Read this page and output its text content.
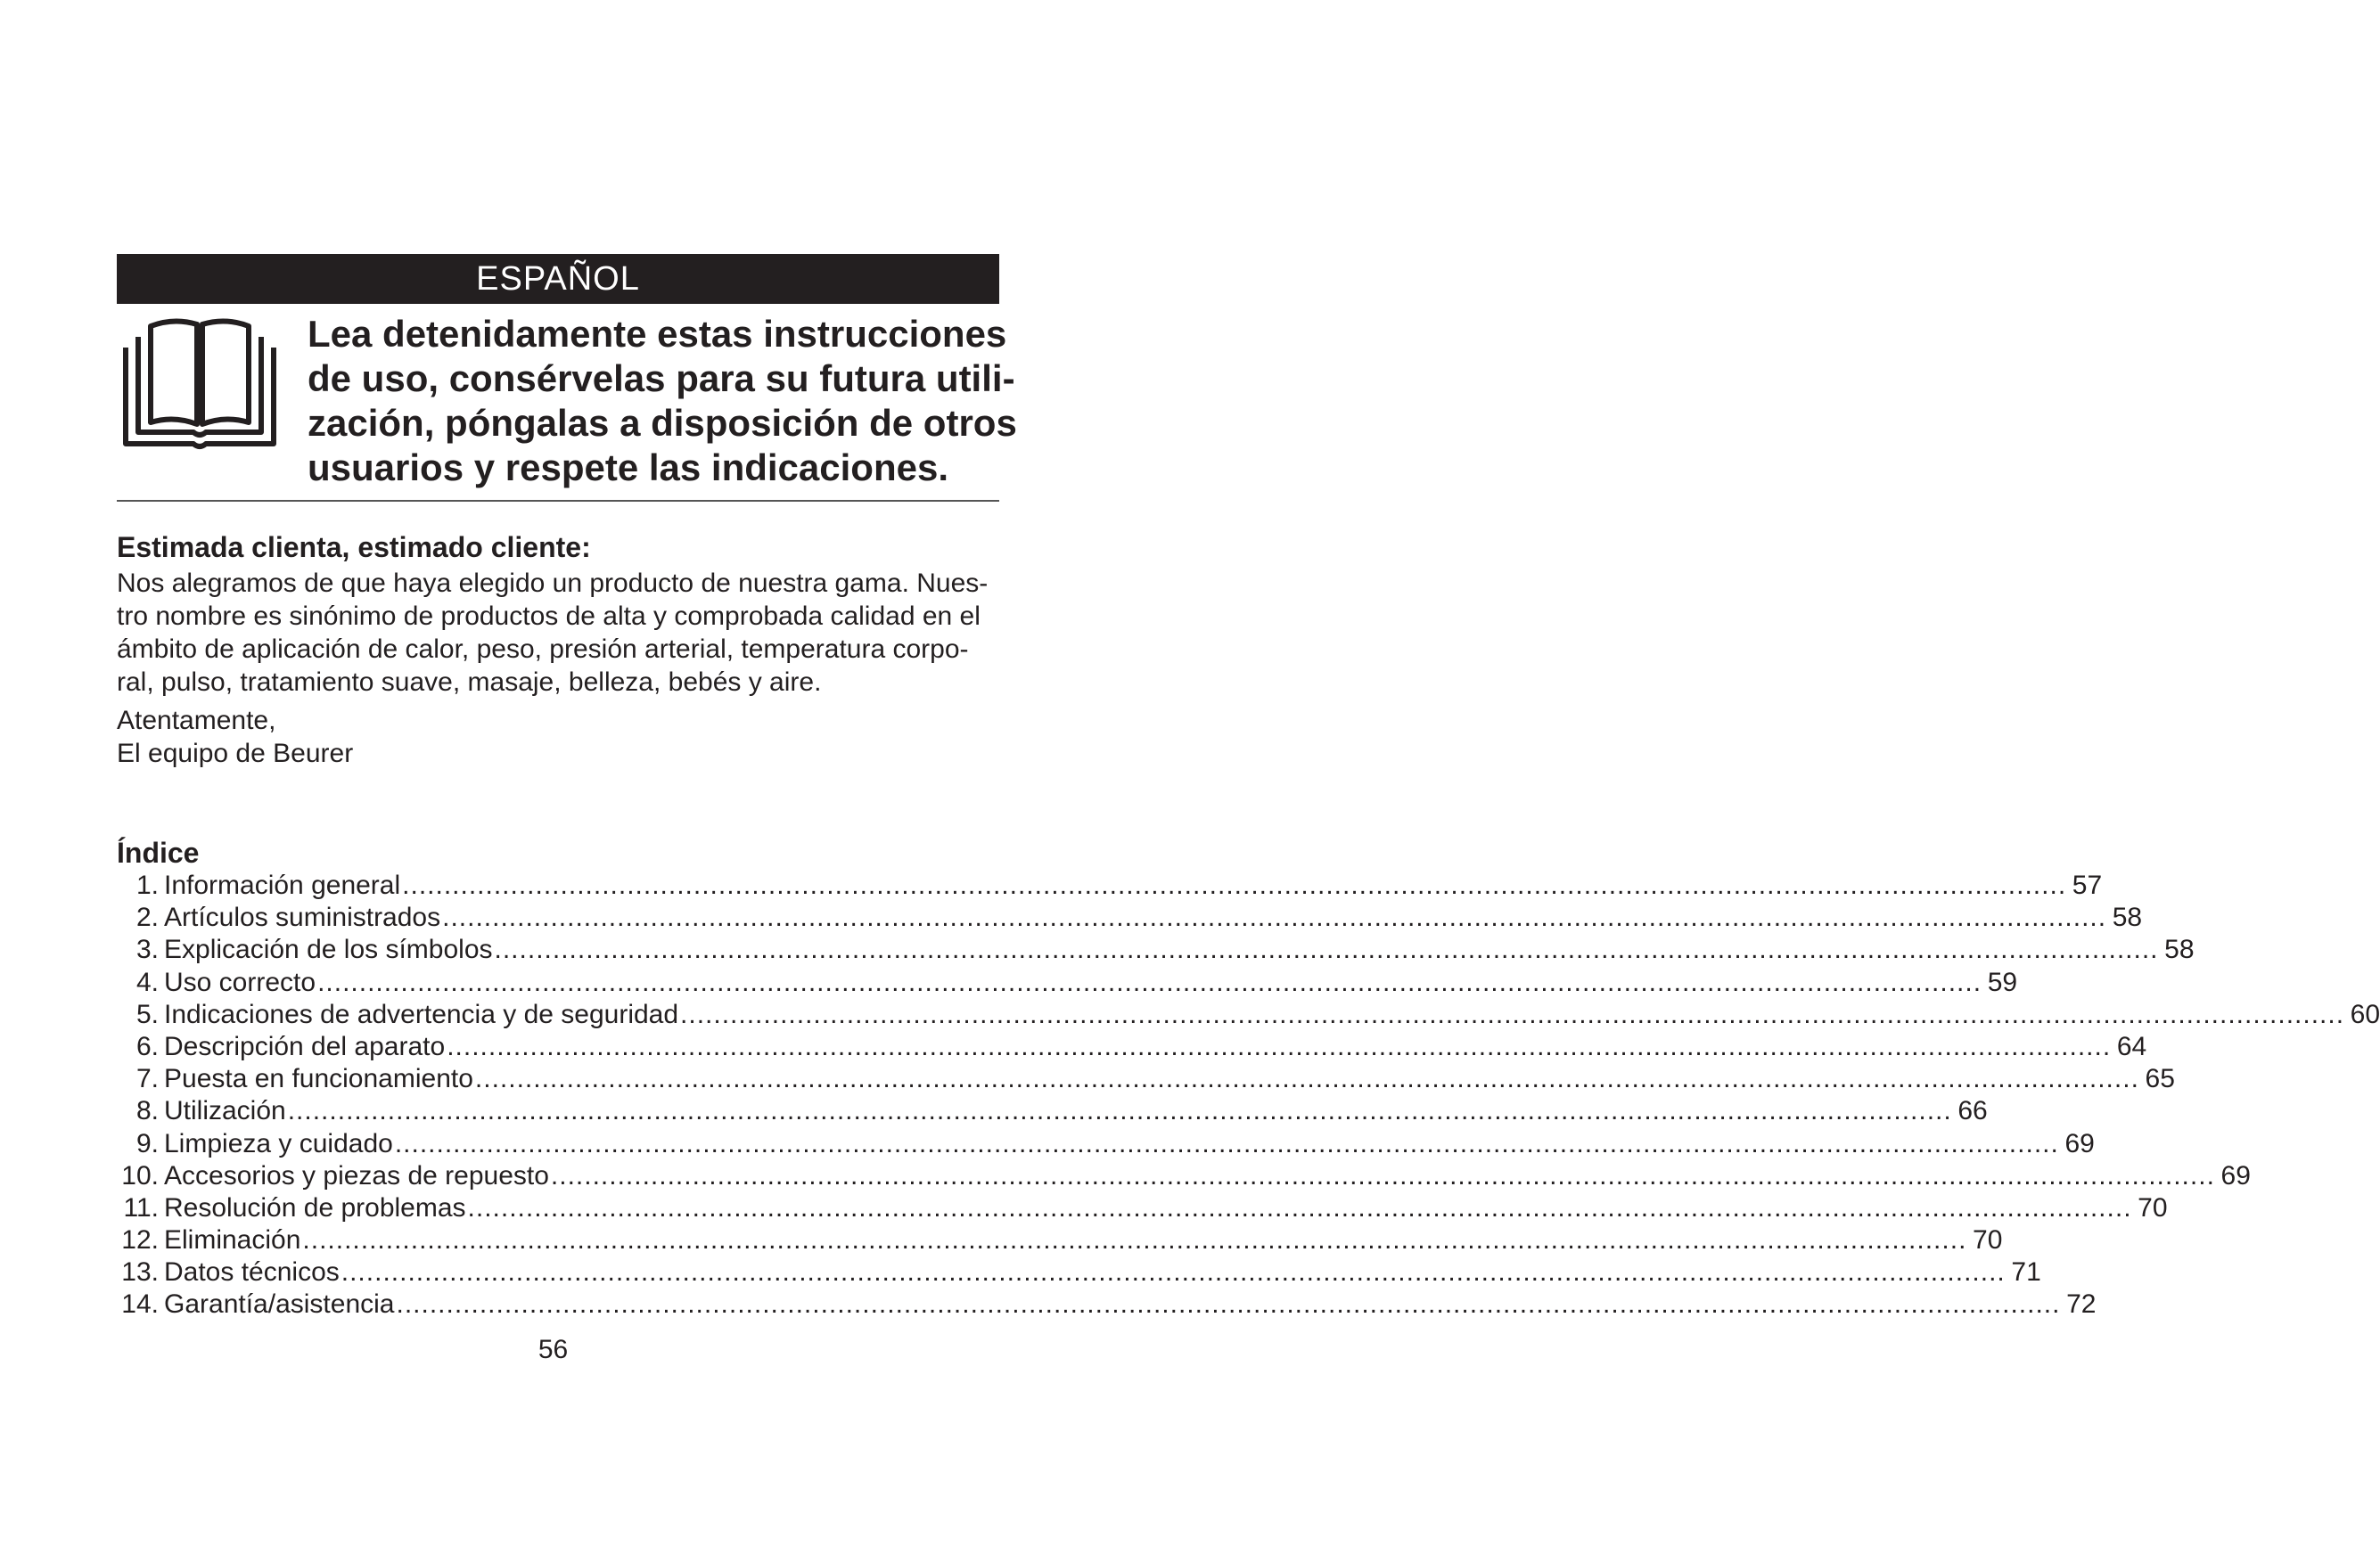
ESPAÑOL

Lea detenidamente estas instrucciones
de uso, consérvelas para su futura utili-
zación, póngalas a disposición de otros
usuarios y respete las indicaciones.

Estimada clienta, estimado cliente:

Nos alegramos de que haya elegido un producto de nuestra gama. Nues-
tro nombre es sinónimo de productos de alta y comprobada calidad en el
ámbito de aplicación de calor, peso, presión arterial, temperatura corpo-
ral, pulso, tratamiento suave, masaje, belleza, bebés y aire.

Atentamente,
El equipo de Beurer

Índice
1. Información general ........................................................................................................................................................................................................ 57
2. Artículos suministrados ........................................................................................................................................................................................................ 58
3. Explicación de los símbolos ........................................................................................................................................................................................................ 58
4. Uso correcto ........................................................................................................................................................................................................ 59
5. Indicaciones de advertencia y de seguridad ........................................................................................................................................................................................................ 60
6. Descripción del aparato ........................................................................................................................................................................................................ 64
7. Puesta en funcionamiento ........................................................................................................................................................................................................ 65
8. Utilización ........................................................................................................................................................................................................ 66
9. Limpieza y cuidado ........................................................................................................................................................................................................ 69
10. Accesorios y piezas de repuesto ........................................................................................................................................................................................................ 69
11. Resolución de problemas ........................................................................................................................................................................................................ 70
12. Eliminación ........................................................................................................................................................................................................ 70
13. Datos técnicos ........................................................................................................................................................................................................ 71
14. Garantía/asistencia ........................................................................................................................................................................................................ 72
56
